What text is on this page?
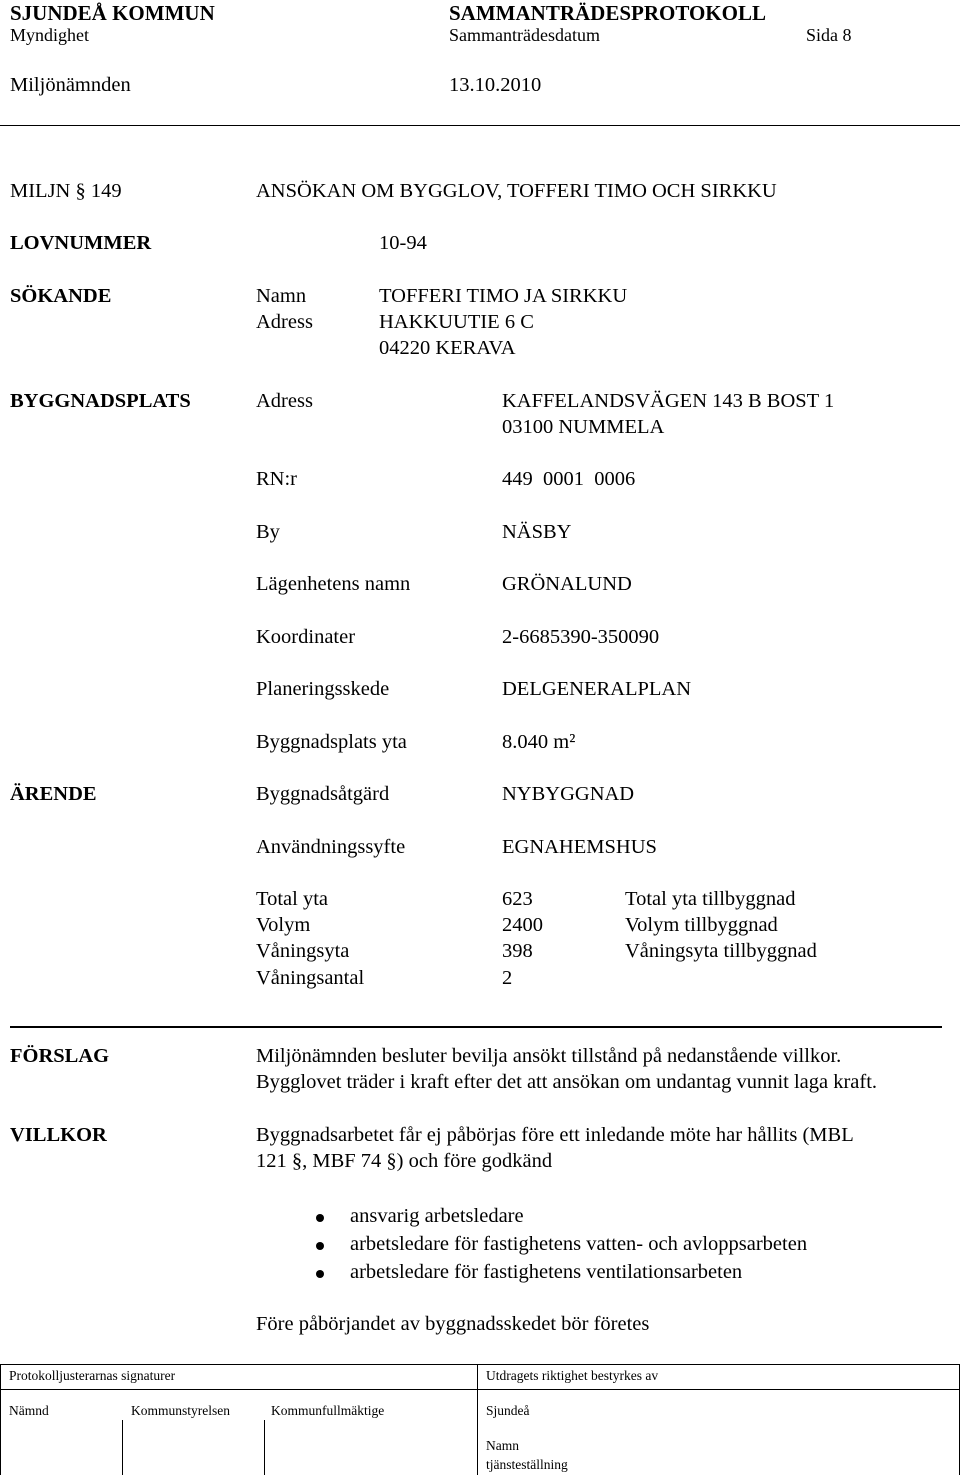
SJUNDEÅ KOMMUN
Myndighet
SAMMANTRÄDESPROTOKOLL
Sammanträdesdatum	Sida 8
Miljönämnden	13.10.2010
MILJN § 149	ANSÖKAN OM BYGGLOV, TOFFERI TIMO OCH SIRKKU
LOVNUMMER	10-94
SÖKANDE	Namn	TOFFERI TIMO JA SIRKKU
Adress	HAKKUUTIE 6 C
04220 KERAVA
BYGGNADSPLATS	Adress	KAFFELANDSVÄGEN 143 B BOST 1
03100 NUMMELA
RN:r	449  0001  0006
By	NÄSBY
Lägenhetens namn	GRÖNALUND
Koordinater	2-6685390-350090
Planeringsskede	DELGENERALPLAN
Byggnadsplats yta	8.040 m²
ÄRENDE	Byggnadsåtgärd	NYBYGGNAD
Användningssyfte	EGNAHEMSHUS
Total yta	623	Total yta tillbyggnad
Volym	2400	Volym tillbyggnad
Våningsyta	398	Våningsyta tillbyggnad
Våningsantal	2
FÖRSLAG	Miljönämnden besluter bevilja ansökt tillstånd på nedanstående villkor.
Bygglovet träder i kraft efter det att ansökan om undantag vunnit laga kraft.
VILLKOR	Byggnadsarbetet får ej påbörjas före ett inledande möte har hållits (MBL
121 §, MBF 74 §) och före godkänd
ansvarig arbetsledare
arbetsledare för fastighetens vatten- och avloppsarbeten
arbetsledare för fastighetens ventilationsarbeten
Före påbörjandet av byggnadsskedet bör företes
Protokolljusterarnas signaturer	Utdragets riktighet bestyrkes av
Nämnd	Kommunstyrelsen	Kommunfullmäktige	Sjundeå
Namn
tjänsteställning
